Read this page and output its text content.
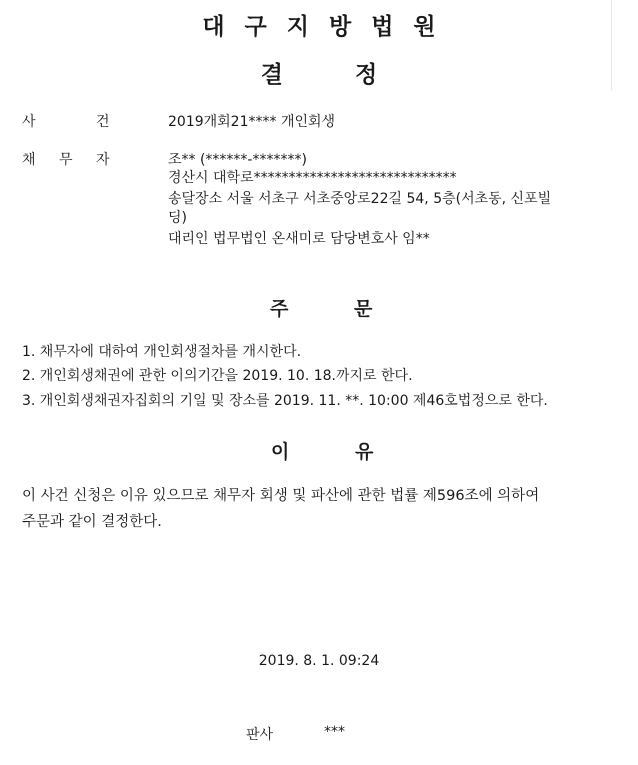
대구지방법원
결정
사	건	2019개회21**** 개인회생
채 무 자	조** (******-*******)
경산시 대학로*****************************
송달장소 서울 서초구 서초중앙로22길 54, 5층(서초동, 신포빌
딩)
대리인 법무법인 온새미로 담당변호사 임**
주	문
1. 채무자에 대하여 개인회생절차를 개시한다.
2. 개인회생채권에 관한 이의기간을 2019. 10. 18.까지로 한다.
3. 개인회생채권자집회의 기일 및 장소를 2019. 11. **. 10:00 제46호법정으로 한다.
이	유
이 사건 신청은 이유 있으므로 채무자 회생 및 파산에 관한 법률 제596조에 의하여
주문과 같이 결정한다.
2019. 8. 1. 09:24
판사	***
